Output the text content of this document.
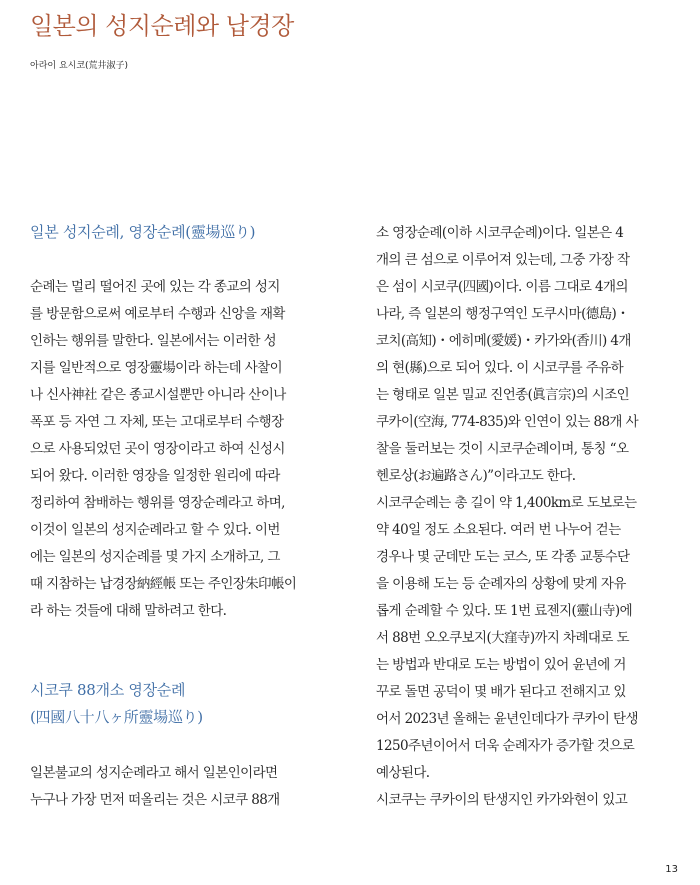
일본의 성지순례와 납경장
아라이 요시코(荒井淑子)
일본 성지순례, 영장순례(靈場巡り)
순례는 멀리 떨어진 곳에 있는 각 종교의 성지
를 방문함으로써 예로부터 수행과 신앙을 재확
인하는 행위를 말한다. 일본에서는 이러한 성
지를 일반적으로 영장靈場이라 하는데 사찰이
나 신사神社 같은 종교시설뿐만 아니라 산이나
폭포 등 자연 그 자체, 또는 고대로부터 수행장
으로 사용되었던 곳이 영장이라고 하여 신성시
되어 왔다. 이러한 영장을 일정한 원리에 따라
정리하여 참배하는 행위를 영장순례라고 하며,
이것이 일본의 성지순례라고 할 수 있다. 이번
에는 일본의 성지순례를 몇 가지 소개하고, 그
때 지참하는 납경장納經帳 또는 주인장朱印帳이
라 하는 것들에 대해 말하려고 한다.
시코쿠 88개소 영장순례
(四國八十八ヶ所靈場巡り)
일본불교의 성지순례라고 해서 일본인이라면
누구나 가장 먼저 떠올리는 것은 시코쿠 88개
소 영장순례(이하 시코쿠순례)이다. 일본은 4
개의 큰 섬으로 이루어져 있는데, 그중 가장 작
은 섬이 시코쿠(四國)이다. 이름 그대로 4개의
나라, 즉 일본의 행정구역인 도쿠시마(德島)・
코치(高知)・에히메(愛媛)・카가와(香川) 4개
의 현(縣)으로 되어 있다. 이 시코쿠를 주유하
는 형태로 일본 밀교 진언종(眞言宗)의 시조인
쿠카이(空海, 774-835)와 인연이 있는 88개 사
찰을 둘러보는 것이 시코쿠순례이며, 통칭 “오
헨로상(お遍路さん)”이라고도 한다.
시코쿠순례는 총 길이 약 1,400km로 도보로는
약 40일 정도 소요된다. 여러 번 나누어 걷는
경우나 몇 군데만 도는 코스, 또 각종 교통수단
을 이용해 도는 등 순례자의 상황에 맞게 자유
롭게 순례할 수 있다. 또 1번 료젠지(靈山寺)에
서 88번 오오쿠보지(大窪寺)까지 차례대로 도
는 방법과 반대로 도는 방법이 있어 윤년에 거
꾸로 돌면 공덕이 몇 배가 된다고 전해지고 있
어서 2023년 올해는 윤년인데다가 쿠카이 탄생
1250주년이어서 더욱 순례자가 증가할 것으로
예상된다.
시코쿠는 쿠카이의 탄생지인 카가와현이 있고
13
